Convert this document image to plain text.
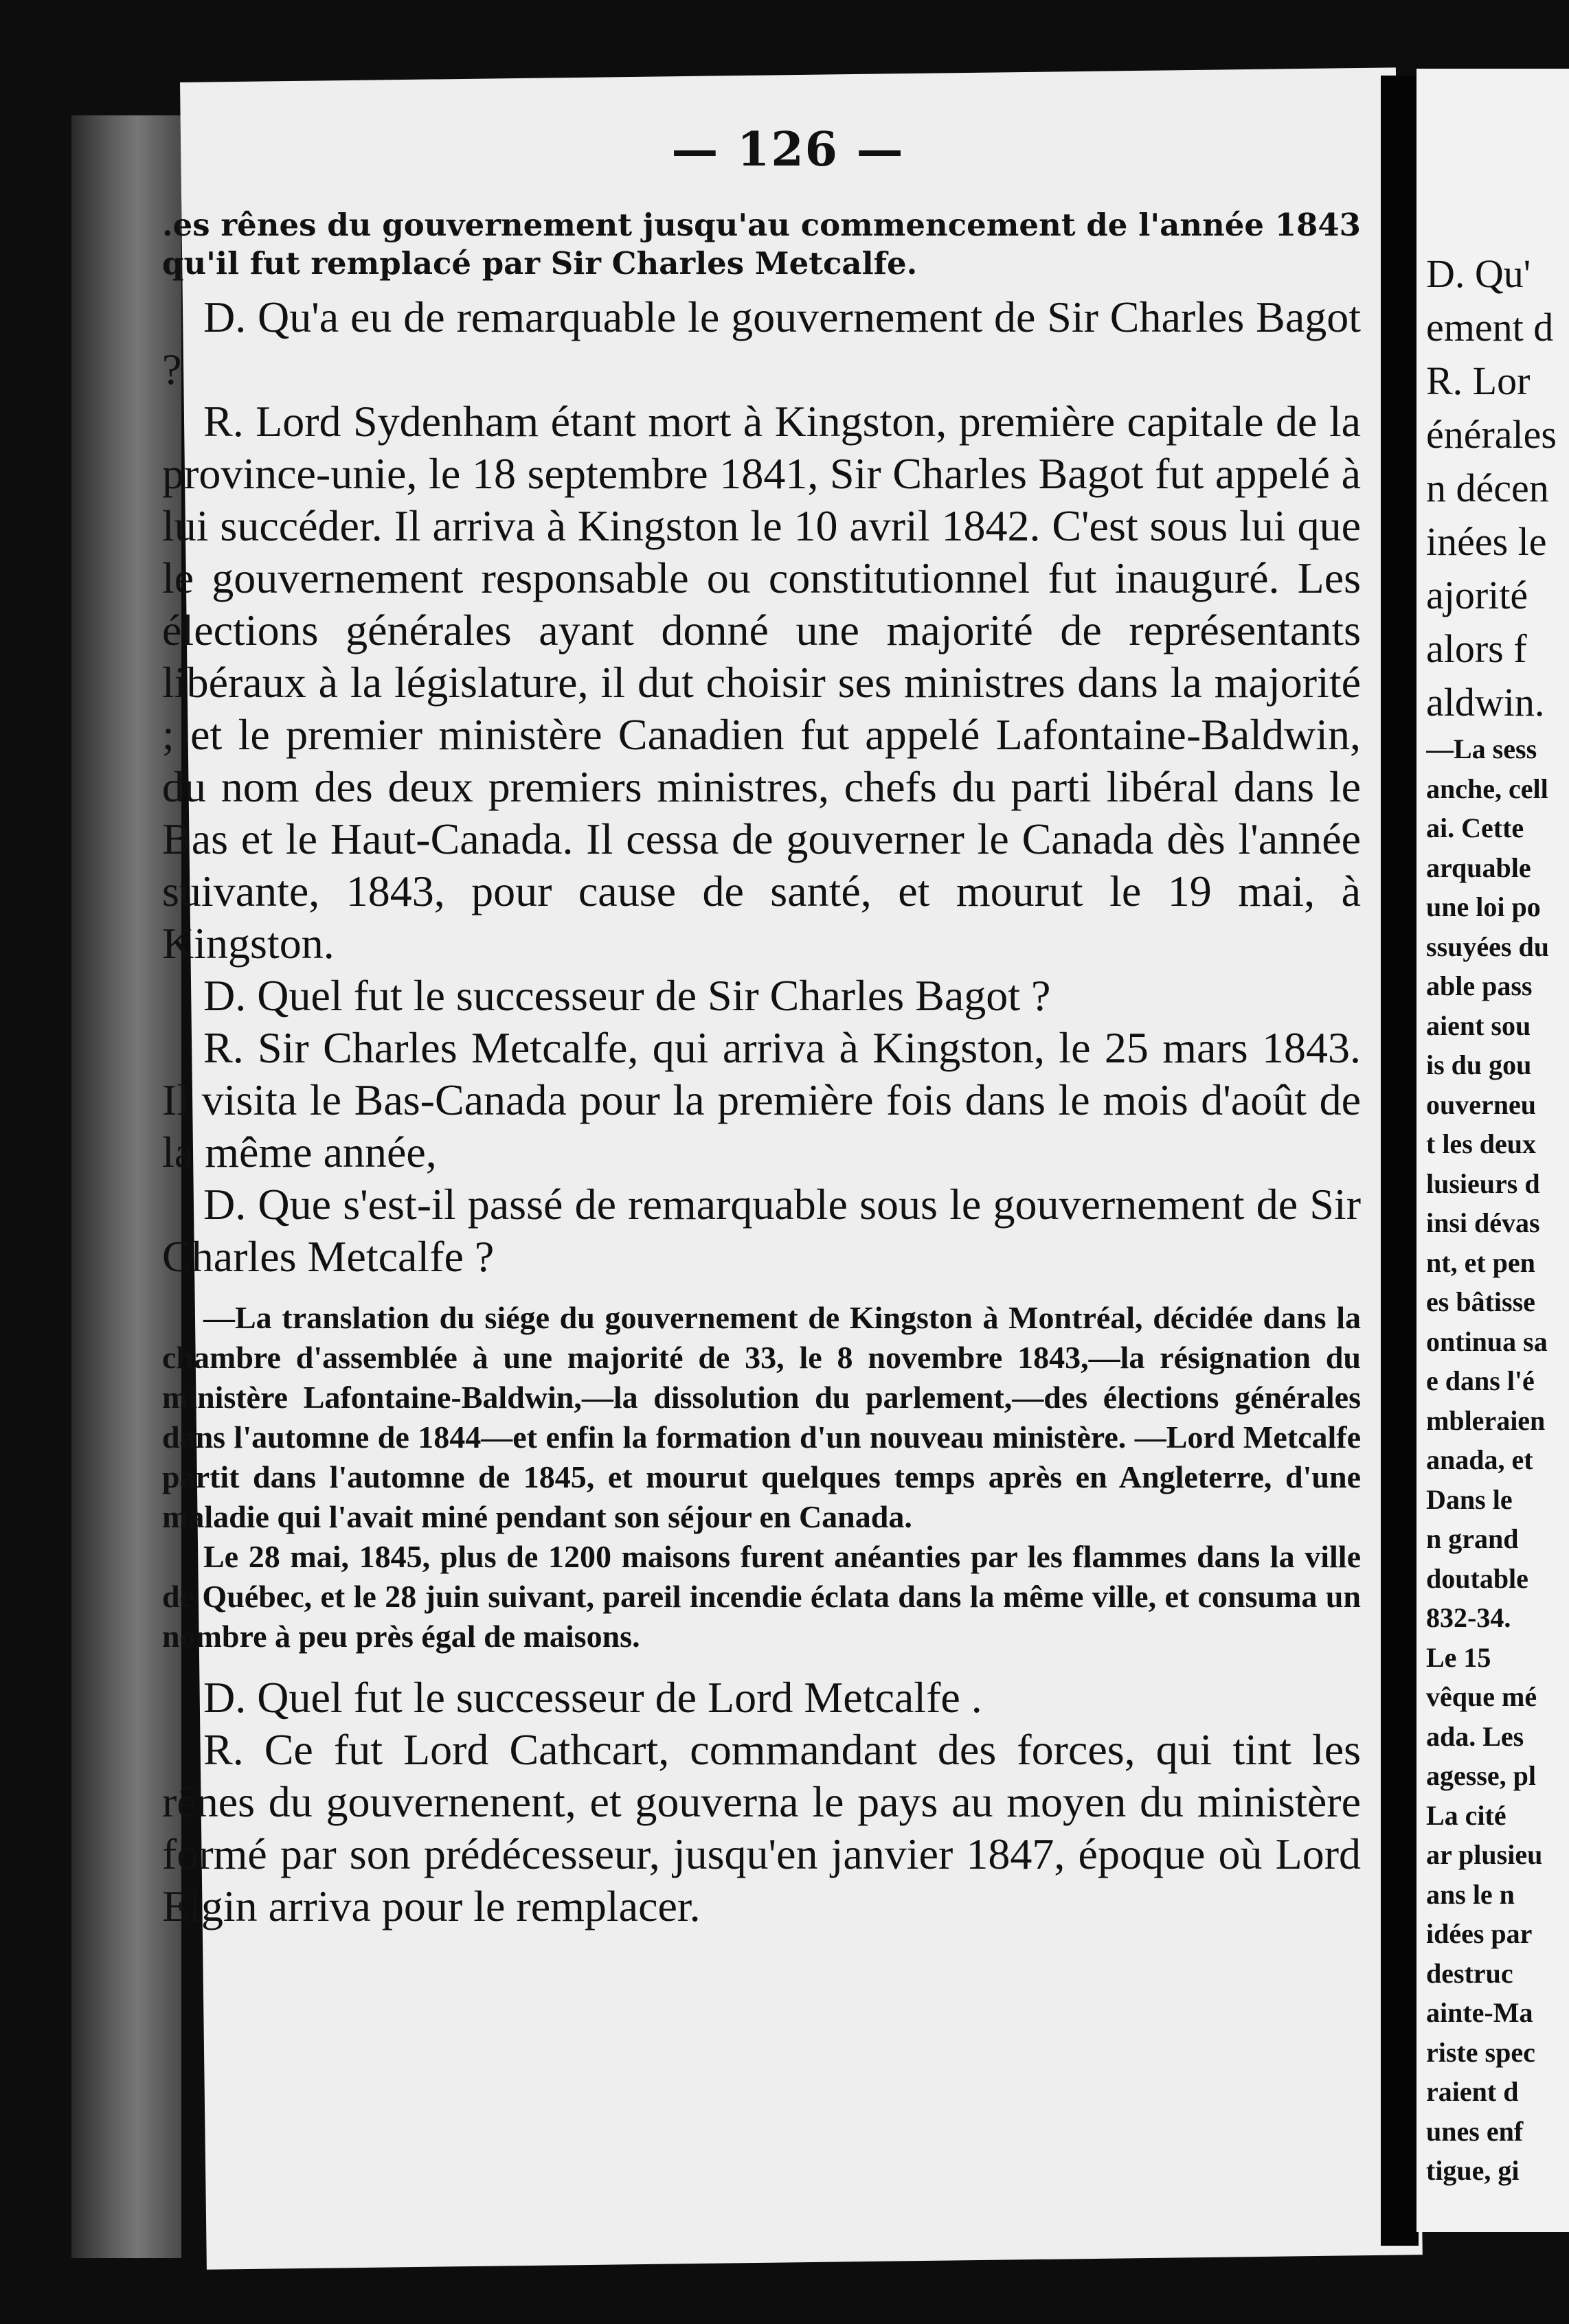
D. Qu'
ement d
R. Lor
énérales
n décen
inées le
ajorité
alors f
aldwin.
—La sess
anche, cell
ai. Cette
arquable
une loi po
ssuyées du
able pass
aient sou
is du gou
ouverneu
t les deux
lusieurs d
insi dévas
nt, et pen
es bâtisse
ontinua sa
e dans l'é
mbleraien
anada, et
Dans le
n grand
doutable
832-34.
Le 15
vêque mé
ada. Les
agesse, pl
La cité
ar plusieu
ans le n
idées par
destruc
ainte-Ma
riste spec
raient d
unes enf
tigue, gi
— 126 —

.es rênes du gouvernement jusqu'au commencement de l'année 1843 qu'il fut remplacé par Sir Charles Metcalfe.

D. Qu'a eu de remarquable le gouvernement de Sir Charles Bagot ?

R. Lord Sydenham étant mort à Kingston, première capitale de la province-unie, le 18 septembre 1841, Sir Charles Bagot fut appelé à lui succéder. Il arriva à Kingston le 10 avril 1842. C'est sous lui que le gouvernement responsable ou constitutionnel fut inauguré. Les élections générales ayant donné une majorité de représentants libéraux à la législature, il dut choisir ses ministres dans la majorité ; et le premier ministère Canadien fut appelé Lafontaine-Baldwin, du nom des deux premiers ministres, chefs du parti libéral dans le Bas et le Haut-Canada. Il cessa de gouverner le Canada dès l'année suivante, 1843, pour cause de santé, et mourut le 19 mai, à Kingston.

D. Quel fut le successeur de Sir Charles Bagot ?

R. Sir Charles Metcalfe, qui arriva à Kingston, le 25 mars 1843. Il visita le Bas-Canada pour la première fois dans le mois d'août de la même année,

D. Que s'est-il passé de remarquable sous le gouvernement de Sir Charles Metcalfe ?

—La translation du siége du gouvernement de Kingston à Montréal, décidée dans la chambre d'assemblée à une majorité de 33, le 8 novembre 1843,—la résignation du ministère Lafontaine-Baldwin,—la dissolution du parlement,—des élections générales dans l'automne de 1844—et enfin la formation d'un nouveau ministère. —Lord Metcalfe partit dans l'automne de 1845, et mourut quelques temps après en Angleterre, d'une maladie qui l'avait miné pendant son séjour en Canada.

Le 28 mai, 1845, plus de 1200 maisons furent anéanties par les flammes dans la ville de Québec, et le 28 juin suivant, pareil incendie éclata dans la même ville, et consuma un nombre à peu près égal de maisons.

D. Quel fut le successeur de Lord Metcalfe .

R. Ce fut Lord Cathcart, commandant des forces, qui tint les rênes du gouvernenent, et gouverna le pays au moyen du ministère formé par son prédécesseur, jusqu'en janvier 1847, époque où Lord Elgin arriva pour le remplacer.
